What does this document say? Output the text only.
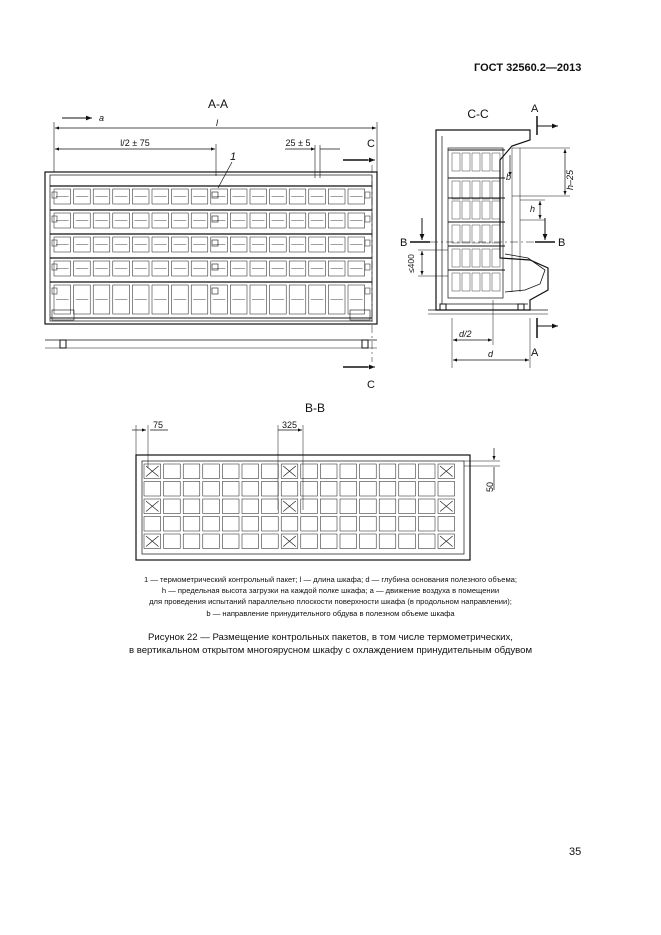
ГОСТ 32560.2—2013
А-А
a	l
l/2 ± 75	25 ± 5
1
С
С
С-С	А
А
В	В
h–25
h
b
≤400
d/2
d
В-В
75	325
50
1 — термометрический контрольный пакет; l — длина шкафа; d — глубина основания полезного объема;
h — предельная высота загрузки на каждой полке шкафа; a — движение воздуха в помещении
для проведения испытаний параллельно плоскости поверхности шкафа (в продольном направлении);
b — направление принудительного обдува в полезном объеме шкафа
Рисунок 22 — Размещение контрольных пакетов, в том числе термометрических,
в вертикальном открытом многоярусном шкафу с охлаждением принудительным обдувом
35
